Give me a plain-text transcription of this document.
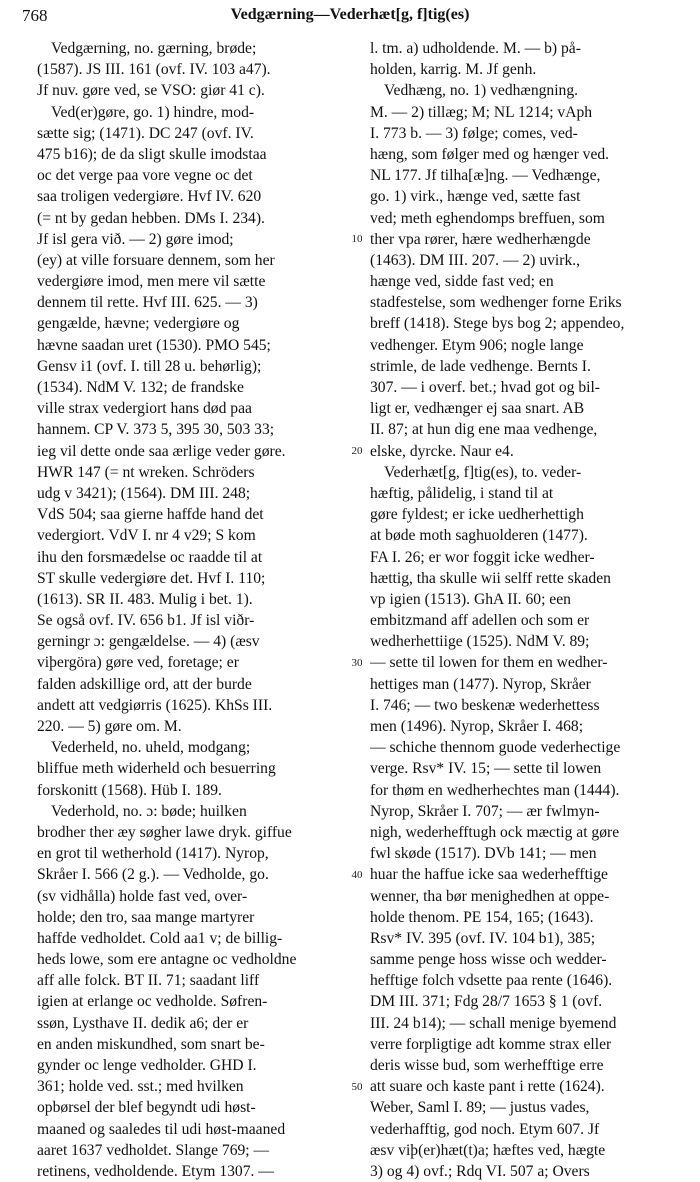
768	Vedgærning—Vederhæt[g, f]tig(es)
Vedgærning, no. gærning, brøde;
(1587). JS III. 161 (ovf. IV. 103 a47).
Jf nuv. gøre ved, se VSO: giør 41 c).
Ved(er)gøre, go. 1) hindre, mod-
sætte sig; (1471). DC 247 (ovf. IV.
475 b16); de da sligt skulle imodstaa
oc det verge paa vore vegne oc det
saa troligen vedergiøre. Hvf IV. 620
(= nt by gedan hebben. DMs I. 234).
Jf isl gera við. — 2) gøre imod;
(ey) at ville forsuare dennem, som her
vedergiøre imod, men mere vil sætte
dennem til rette. Hvf III. 625. — 3)
gengælde, hævne; vedergiøre og
hævne saadan uret (1530). PMO 545;
Gensv i1 (ovf. I. till 28 u. behørlig);
(1534). NdM V. 132; de frandske
ville strax vedergiort hans død paa
hannem. CP V. 373 5, 395 30, 503 33;
ieg vil dette onde saa ærlige veder gøre.
HWR 147 (= nt wreken. Schröders
udg v 3421); (1564). DM III. 248;
VdS 504; saa gierne haffde hand det
vedergiort. VdV I. nr 4 v29; S kom
ihu den forsmædelse oc raadde til at
ST skulle vedergiøre det. Hvf I. 110;
(1613). SR II. 483. Mulig i bet. 1).
Se også ovf. IV. 656 b1. Jf isl viðr-
gerningr ɔ: gengældelse. — 4) (æsv
viþergöra) gøre ved, foretage; er
falden adskillige ord, att der burde
andett att vedgiørris (1625). KhSs III.
220. — 5) gøre om. M.
Vederheld, no. uheld, modgang;
bliffue meth widerheld och besuerring
forskonitt (1568). Hüb I. 189.
Vederhold, no. ɔ: bøde; huilken
brodher ther æy søgher lawe dryk. giffue
en grot til wetherhold (1417). Nyrop,
Skråer I. 566 (2 g.). — Vedholde, go.
(sv vidhålla) holde fast ved, over-
holde; den tro, saa mange martyrer
haffde vedholdet. Cold aa1 v; de billig-
heds lowe, som ere antagne oc vedholdne
aff alle folck. BT II. 71; saadant liff
igien at erlange oc vedholde. Søfren-
ssøn, Lysthave II. dedik a6; der er
en anden miskundhed, som snart be-
gynder oc lenge vedholder. GHD I.
361; holde ved. sst.; med hvilken
opbørsel der blef begyndt udi høst-
maaned og saaledes til udi høst-maaned
aaret 1637 vedholdet. Slange 769; —
retinens, vedholdende. Etym 1307. —
l. tm. a) udholdende. M. — b) på-
holden, karrig. M. Jf genh.
Vedhæng, no. 1) vedhængning.
M. — 2) tillæg; M; NL 1214; vAph
I. 773 b. — 3) følge; comes, ved-
hæng, som følger med og hænger ved.
NL 177. Jf tilha[æ]ng. — Vedhænge,
go. 1) virk., hænge ved, sætte fast
ved; meth eghendomps breffuen, som
ther vpa rører, hære wedherhængde
(1463). DM III. 207. — 2) uvirk.,
hænge ved, sidde fast ved; en
stadfestelse, som wedhenger forne Eriks
breff (1418). Stege bys bog 2; appendeo,
vedhenger. Etym 906; nogle lange
strimle, de lade vedhenge. Bernts I.
307. — i overf. bet.; hvad got og bil-
ligt er, vedhænger ej saa snart. AB
II. 87; at hun dig ene maa vedhenge,
elske, dyrcke. Naur e4.
Vederhæt[g, f]tig(es), to. veder-
hæftig, pålidelig, i stand til at
gøre fyldest; er icke uedherhettigh
at bøde moth saghuolderen (1477).
FA I. 26; er wor foggit icke wedher-
hættig, tha skulle wii selff rette skaden
vp igien (1513). GhA II. 60; een
embitzmand aff adellen och som er
wedherhettiige (1525). NdM V. 89;
— sette til lowen for them en wedher-
hettiges man (1477). Nyrop, Skråer
I. 746; — two beskenæ wederhettess
men (1496). Nyrop, Skråer I. 468;
— schiche thennom guode vederhectige
verge. Rsv* IV. 15; — sette til lowen
for thøm en wedherhechtes man (1444).
Nyrop, Skråer I. 707; — ær fwlmyn-
nigh, wederhefftugh ock mæctig at gøre
fwl skøde (1517). DVb 141; — men
huar the haffue icke saa wederhefftige
wenner, tha bør menighedhen at oppe-
holde thenom. PE 154, 165; (1643).
Rsv* IV. 395 (ovf. IV. 104 b1), 385;
samme penge hoss wisse och wedder-
hefftige folch vdsette paa rente (1646).
DM III. 371; Fdg 28/7 1653 § 1 (ovf.
III. 24 b14); — schall menige byemend
verre forpligtige adt komme strax eller
deris wisse bud, som werhefftige erre
att suare och kaste pant i rette (1624).
Weber, Saml I. 89; — justus vades,
vederhafftig, god noch. Etym 607. Jf
æsv viþ(er)hæt(t)a; hæftes ved, hægte
3) og 4) ovf.; Rdq VI. 507 a; Overs
10
20
30
40
50
